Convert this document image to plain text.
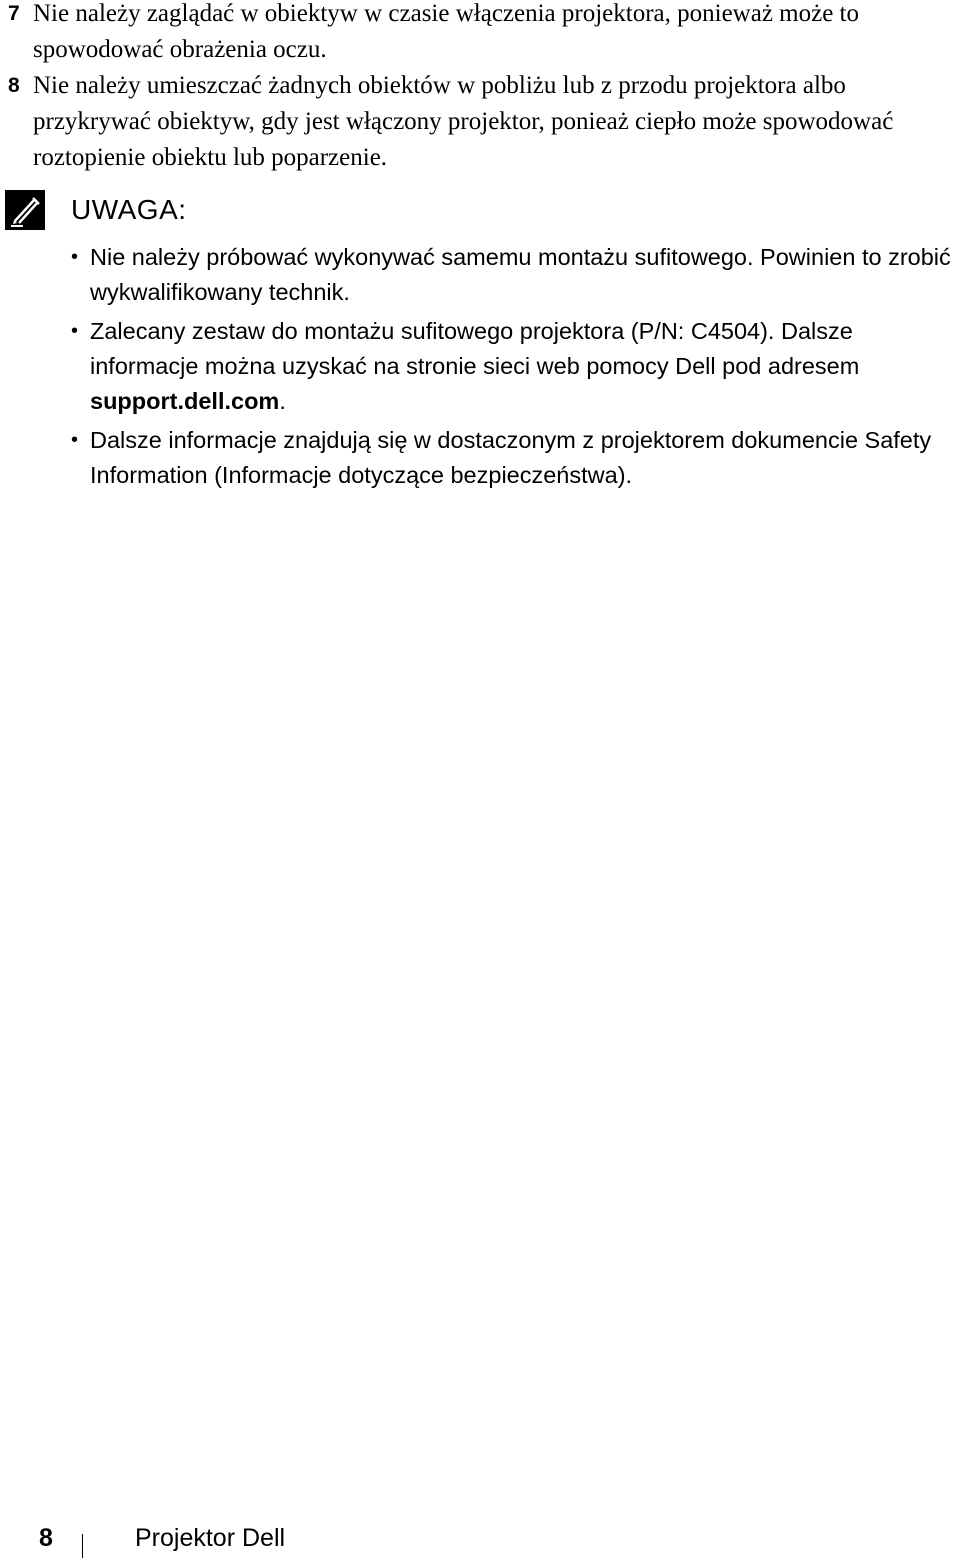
7 Nie należy zaglądać w obiektyw w czasie włączenia projektora, ponieważ może to spowodować obrażenia oczu.
8 Nie należy umieszczać żadnych obiektów w pobliżu lub z przodu projektora albo przykrywać obiektyw, gdy jest włączony projektor, ponieaż ciepło może spowodować roztopienie obiektu lub poparzenie.
UWAGA:
• Nie należy próbować wykonywać samemu montażu sufitowego. Powinien to zrobić wykwalifikowany technik.
• Zalecany zestaw do montażu sufitowego projektora (P/N: C4504). Dalsze informacje można uzyskać na stronie sieci web pomocy Dell pod adresem support.dell.com.
• Dalsze informacje znajdują się w dostaczonym z projektorem dokumencie Safety Information (Informacje dotyczące bezpieczeństwa).
8	Projektor Dell
